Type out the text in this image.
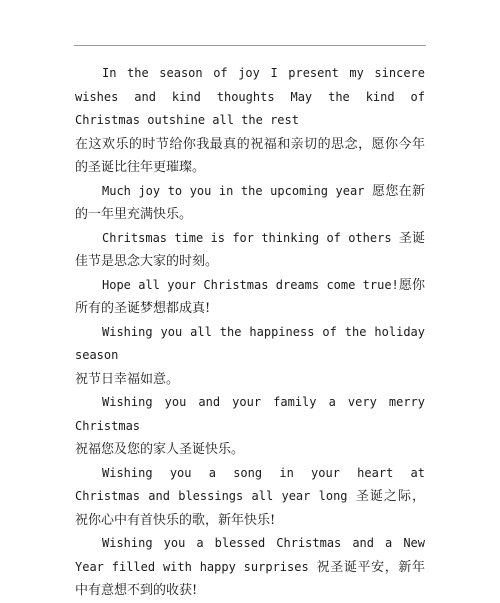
In the season of joy I present my sincere wishes and kind thoughts May the kind of Christmas outshine all the rest
在这欢乐的时节给你我最真的祝福和亲切的思念，愿你今年的圣诞比往年更璀璨。

Much joy to you in the upcoming year 愿您在新的一年里充满快乐。

Chritsmas time is for thinking of others 圣诞佳节是思念大家的时刻。

Hope all your Christmas dreams come true!愿你所有的圣诞梦想都成真!

Wishing you all the happiness of the holiday season
祝节日幸福如意。

Wishing you and your family a very merry Christmas
祝福您及您的家人圣诞快乐。

Wishing you a song in your heart at Christmas and blessings all year long 圣诞之际，祝你心中有首快乐的歌，新年快乐!

Wishing you a blessed Christmas and a New Year filled with happy surprises 祝圣诞平安，新年中有意想不到的收获!
